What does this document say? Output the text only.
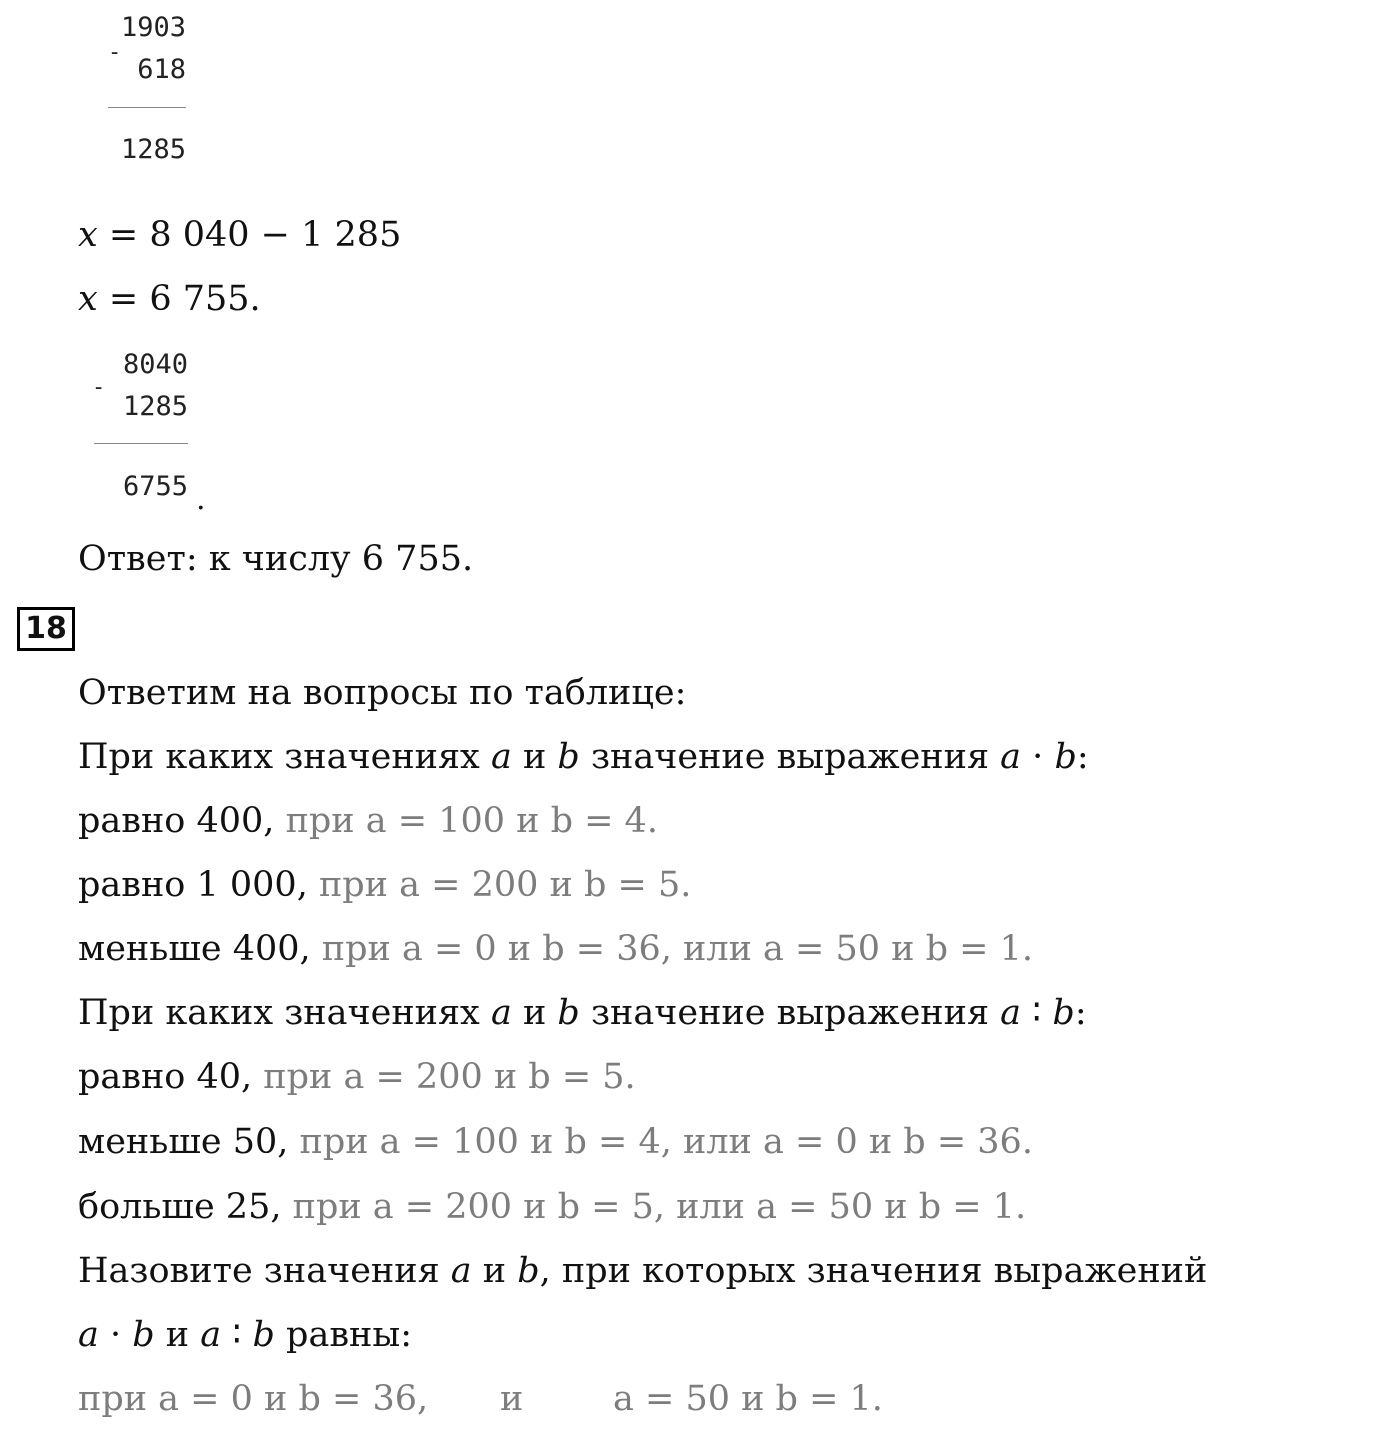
1903
-
618
1285
x = 8 040 − 1 285
x = 6 755.
8040
-
1285
6755 .
Ответ: к числу 6 755.
18
Ответим на вопросы по таблице:
При каких значениях a и b значение выражения a · b:
равно 400, при a = 100 и b = 4.
равно 1 000, при a = 200 и b = 5.
меньше 400, при a = 0 и b = 36, или a = 50 и b = 1.
При каких значениях a и b значение выражения a ∶ b:
равно 40, при a = 200 и b = 5.
меньше 50, при a = 100 и b = 4, или a = 0 и b = 36.
больше 25, при a = 200 и b = 5, или a = 50 и b = 1.
Назовите значения a и b, при которых значения выражений
a · b и a ∶ b равны:
при a = 0 и b = 36, и	a = 50 и b = 1.
